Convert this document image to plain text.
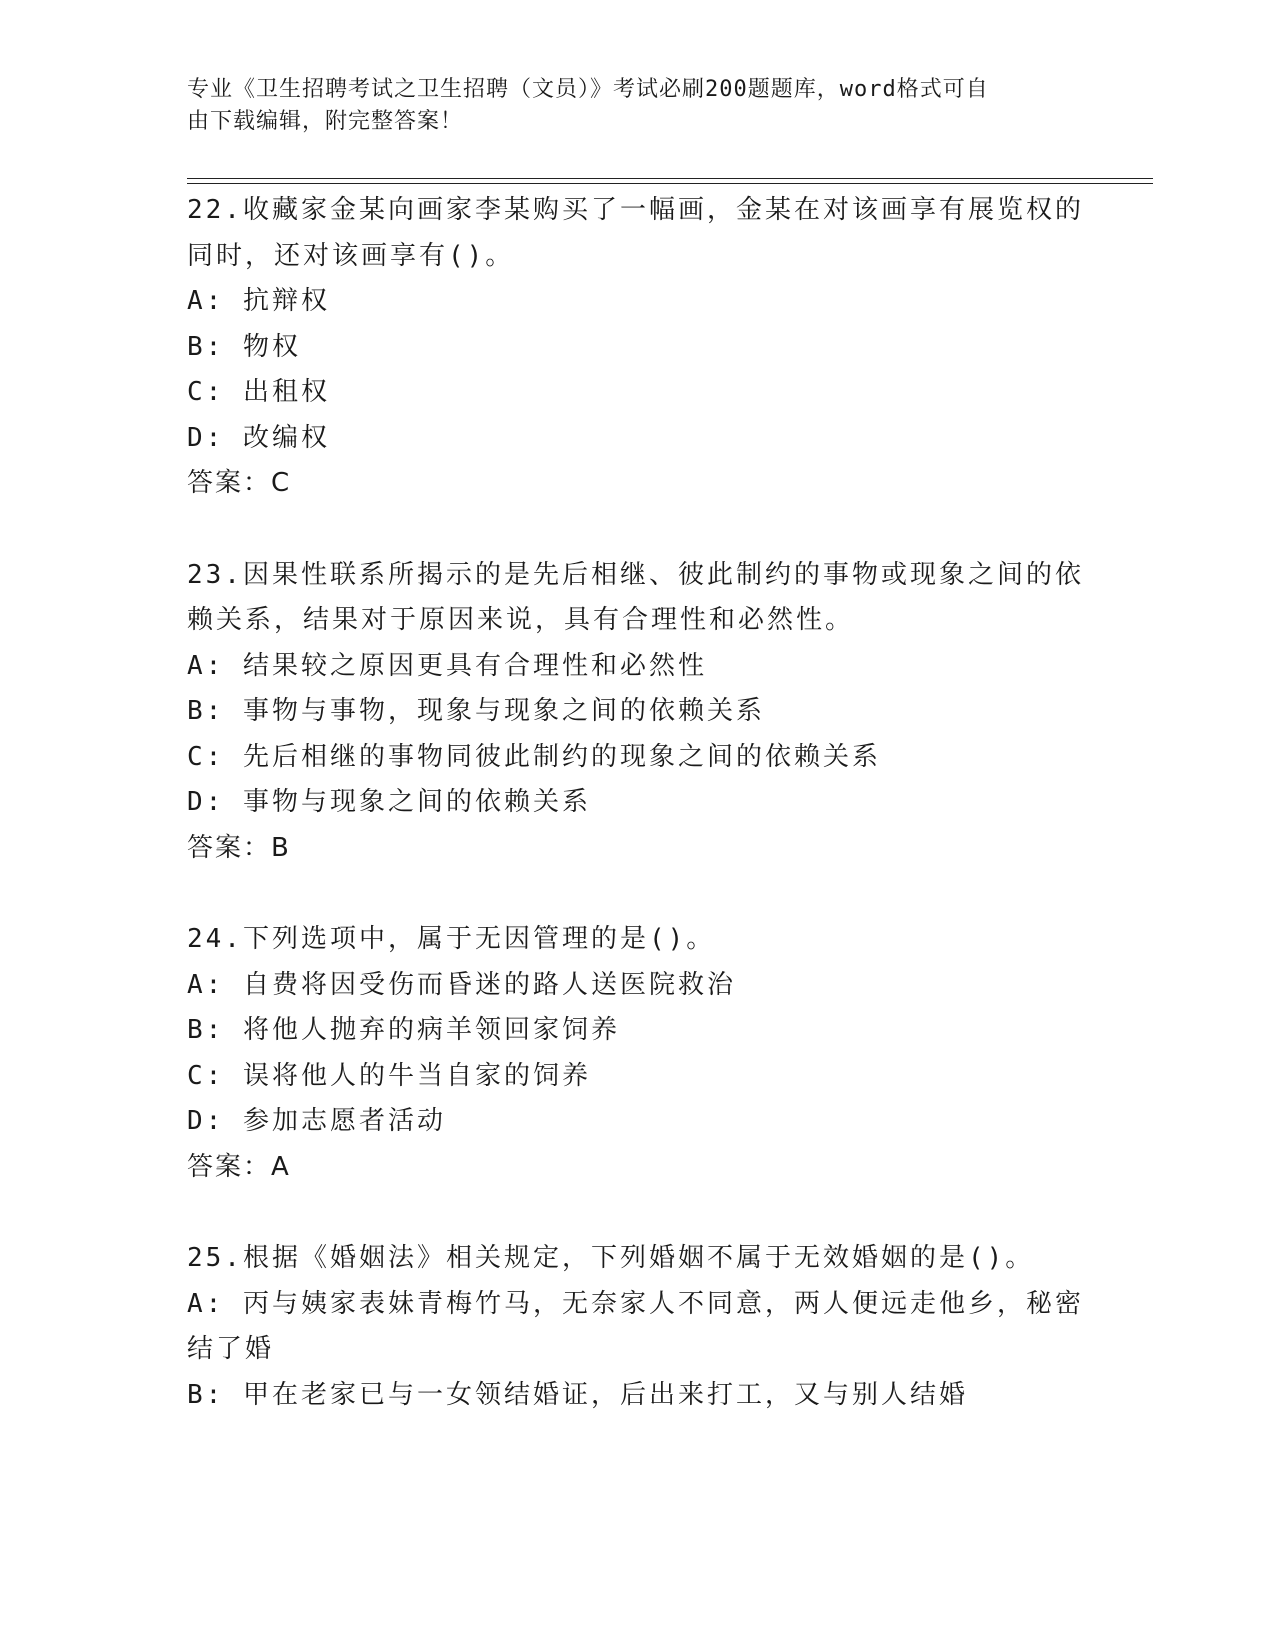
专业《卫生招聘考试之卫生招聘（文员）》考试必刷200题题库，word格式可自
由下载编辑，附完整答案！
22.收藏家金某向画家李某购买了一幅画，金某在对该画享有展览权的
同时，还对该画享有()。
A: 抗辩权
B: 物权
C: 出租权
D: 改编权
答案：C
23.因果性联系所揭示的是先后相继、彼此制约的事物或现象之间的依
赖关系，结果对于原因来说，具有合理性和必然性。
A: 结果较之原因更具有合理性和必然性
B: 事物与事物，现象与现象之间的依赖关系
C: 先后相继的事物同彼此制约的现象之间的依赖关系
D: 事物与现象之间的依赖关系
答案：B
24.下列选项中，属于无因管理的是()。
A: 自费将因受伤而昏迷的路人送医院救治
B: 将他人抛弃的病羊领回家饲养
C: 误将他人的牛当自家的饲养
D: 参加志愿者活动
答案：A
25.根据《婚姻法》相关规定，下列婚姻不属于无效婚姻的是()。
A: 丙与姨家表妹青梅竹马，无奈家人不同意，两人便远走他乡，秘密
结了婚
B: 甲在老家已与一女领结婚证，后出来打工，又与别人结婚
